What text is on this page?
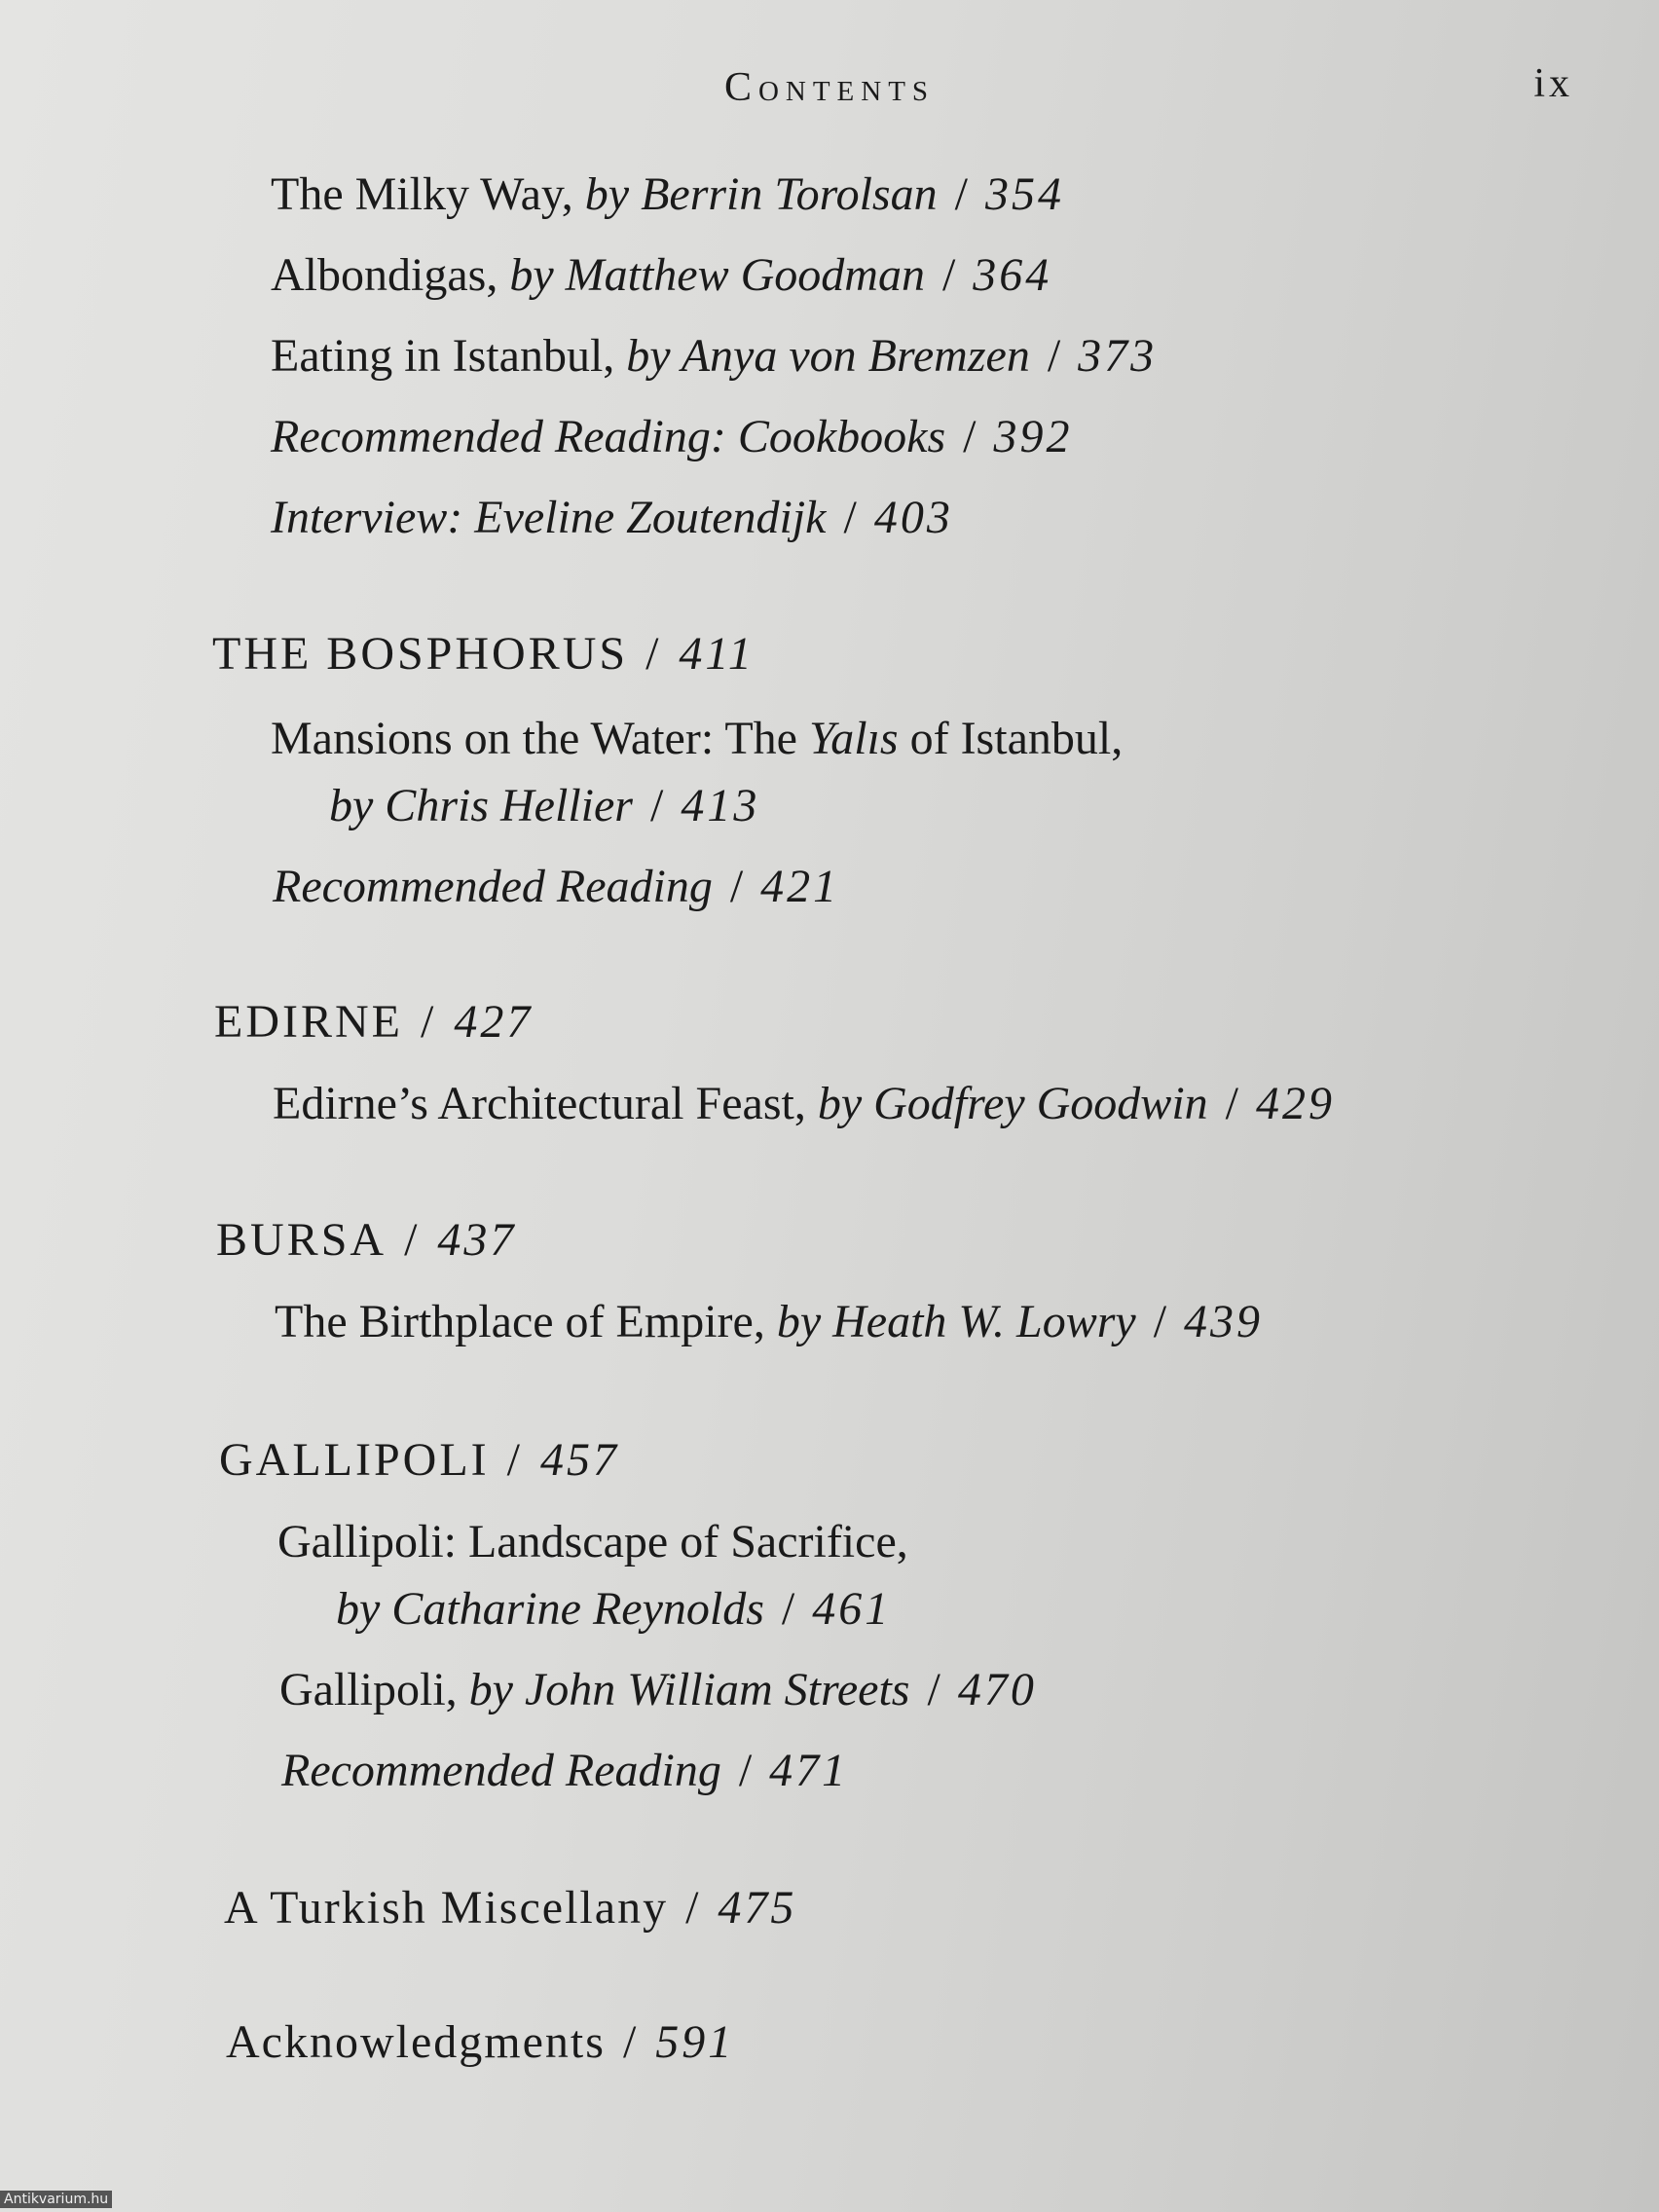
Contents	ix
The Milky Way, by Berrin Torolsan / 354
Albondigas, by Matthew Goodman / 364
Eating in Istanbul, by Anya von Bremzen / 373
Recommended Reading: Cookbooks / 392
Interview: Eveline Zoutendijk / 403
THE BOSPHORUS / 411
Mansions on the Water: The Yalıs of Istanbul,
by Chris Hellier / 413
Recommended Reading / 421
EDIRNE / 427
Edirne’s Architectural Feast, by Godfrey Goodwin / 429
BURSA / 437
The Birthplace of Empire, by Heath W. Lowry / 439
GALLIPOLI / 457
Gallipoli: Landscape of Sacrifice,
by Catharine Reynolds / 461
Gallipoli, by John William Streets / 470
Recommended Reading / 471
A Turkish Miscellany / 475
Acknowledgments / 591
Antikvarium.hu
